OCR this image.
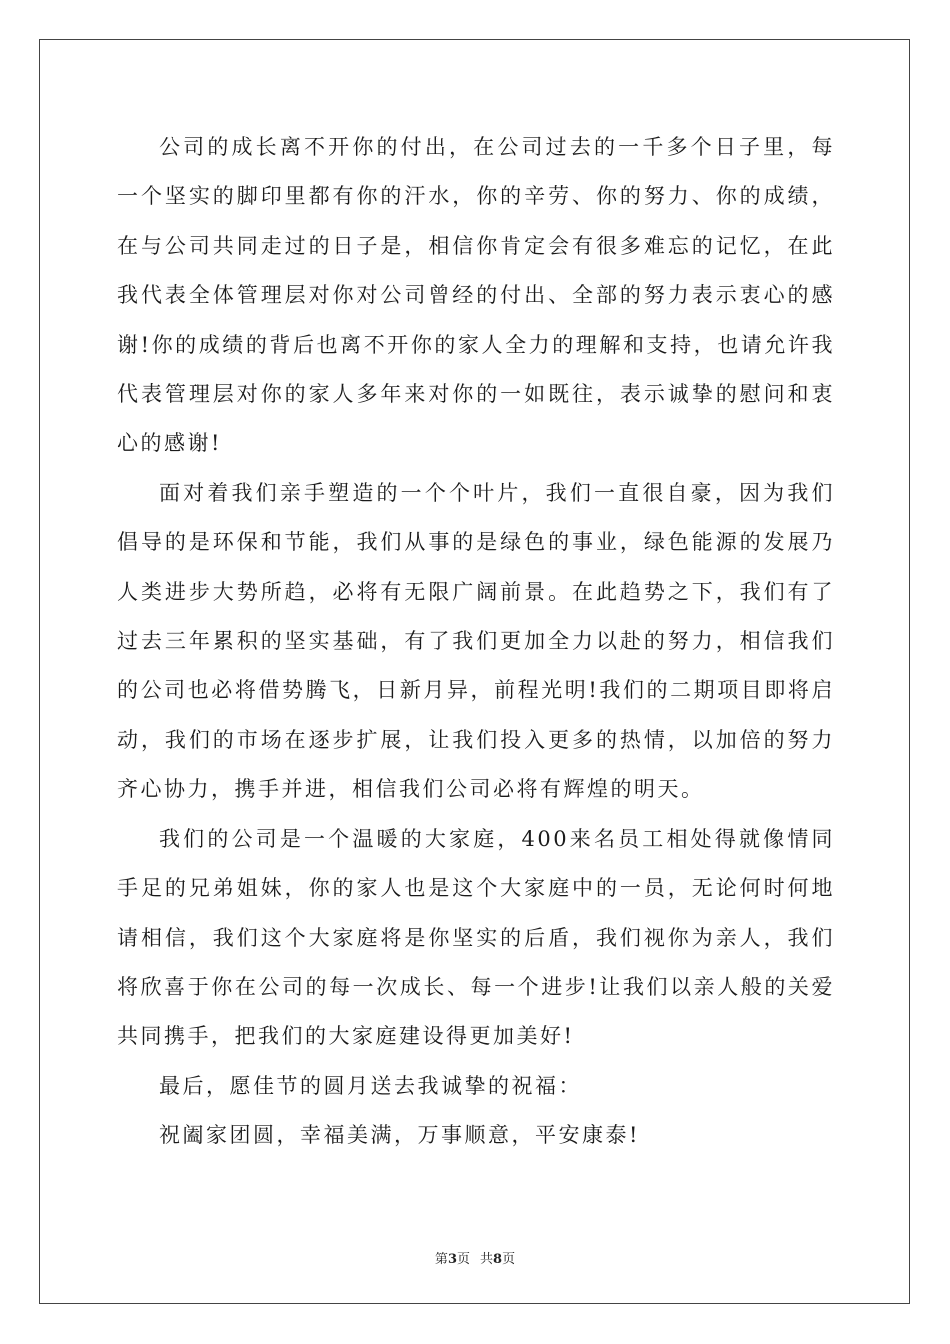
公司的成长离不开你的付出，在公司过去的一千多个日子里，每一个坚实的脚印里都有你的汗水，你的辛劳、你的努力、你的成绩，在与公司共同走过的日子是，相信你肯定会有很多难忘的记忆，在此我代表全体管理层对你对公司曾经的付出、全部的努力表示衷心的感谢!你的成绩的背后也离不开你的家人全力的理解和支持，也请允许我代表管理层对你的家人多年来对你的一如既往，表示诚挚的慰问和衷心的感谢!

面对着我们亲手塑造的一个个叶片，我们一直很自豪，因为我们倡导的是环保和节能，我们从事的是绿色的事业，绿色能源的发展乃人类进步大势所趋，必将有无限广阔前景。在此趋势之下，我们有了过去三年累积的坚实基础，有了我们更加全力以赴的努力，相信我们的公司也必将借势腾飞，日新月异，前程光明!我们的二期项目即将启动，我们的市场在逐步扩展，让我们投入更多的热情，以加倍的努力齐心协力，携手并进，相信我们公司必将有辉煌的明天。

我们的公司是一个温暖的大家庭，400来名员工相处得就像情同手足的兄弟姐妹，你的家人也是这个大家庭中的一员，无论何时何地请相信，我们这个大家庭将是你坚实的后盾，我们视你为亲人，我们将欣喜于你在公司的每一次成长、每一个进步!让我们以亲人般的关爱共同携手，把我们的大家庭建设得更加美好!

最后，愿佳节的圆月送去我诚挚的祝福：

祝阖家团圆，幸福美满，万事顺意，平安康泰!

第3页 共8页
